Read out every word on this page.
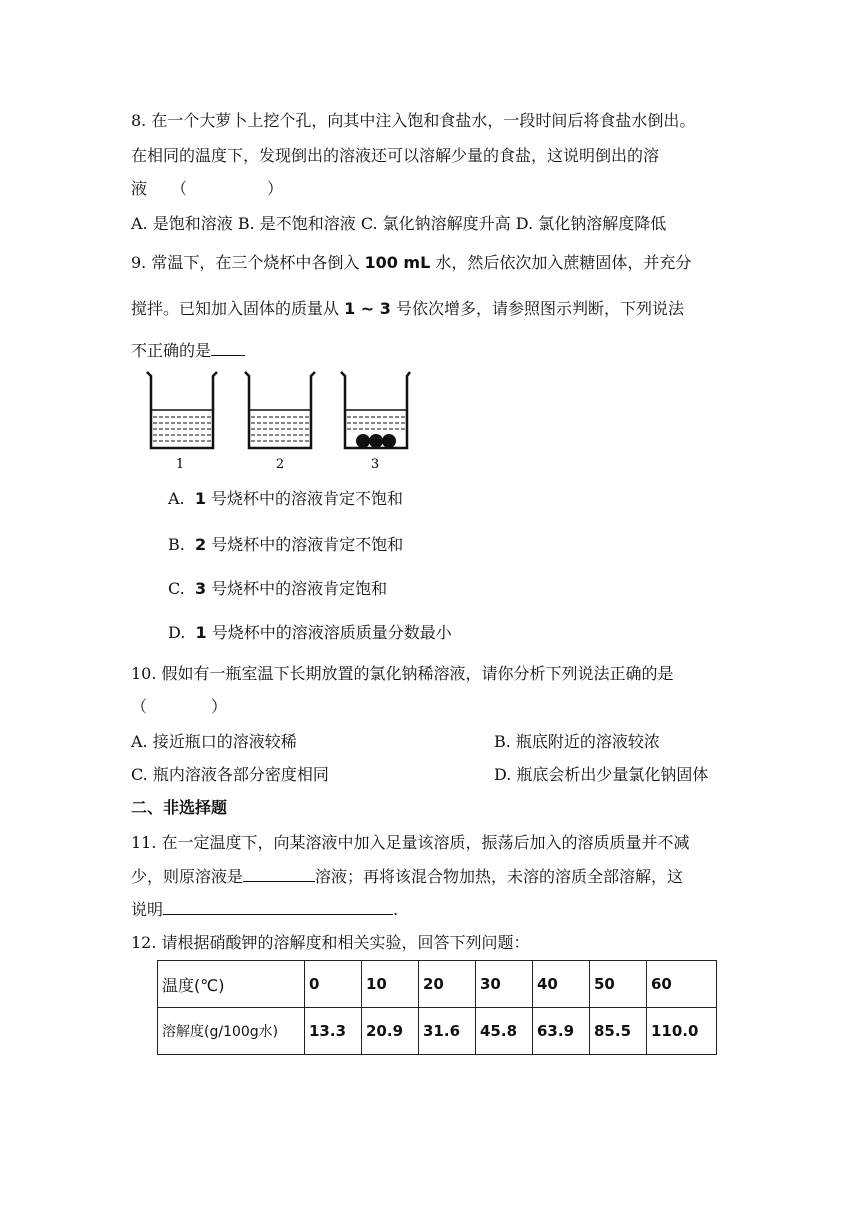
8. 在一个大萝卜上挖个孔，向其中注入饱和食盐水，一段时间后将食盐水倒出。
在相同的温度下，发现倒出的溶液还可以溶解少量的食盐，这说明倒出的溶
液　　（　　　　　）
A. 是饱和溶液 B. 是不饱和溶液 C. 氯化钠溶解度升高 D. 氯化钠溶解度降低
9. 常温下，在三个烧杯中各倒入 100 mL 水，然后依次加入蔗糖固体，并充分
搅拌。已知加入固体的质量从 1 ~ 3 号依次增多，请参照图示判断，下列说法
不正确的是
1	2	3
A. 1 号烧杯中的溶液肯定不饱和
B. 2 号烧杯中的溶液肯定不饱和
C. 3 号烧杯中的溶液肯定饱和
D. 1 号烧杯中的溶液溶质质量分数最小
10. 假如有一瓶室温下长期放置的氯化钠稀溶液，请你分析下列说法正确的是
（　　　　）
A. 接近瓶口的溶液较稀	B. 瓶底附近的溶液较浓
C. 瓶内溶液各部分密度相同	D. 瓶底会析出少量氯化钠固体
二、非选择题
11. 在一定温度下，向某溶液中加入足量该溶质，振荡后加入的溶质质量并不减
少，则原溶液是	溶液；再将该混合物加热，未溶的溶质全部溶解，这
说明	.
12. 请根据硝酸钾的溶解度和相关实验，回答下列问题：
温度(℃)	0	10	20	30	40	50	60
溶解度(g/100g水)	13.3	20.9	31.6	45.8	63.9	85.5	110.0
